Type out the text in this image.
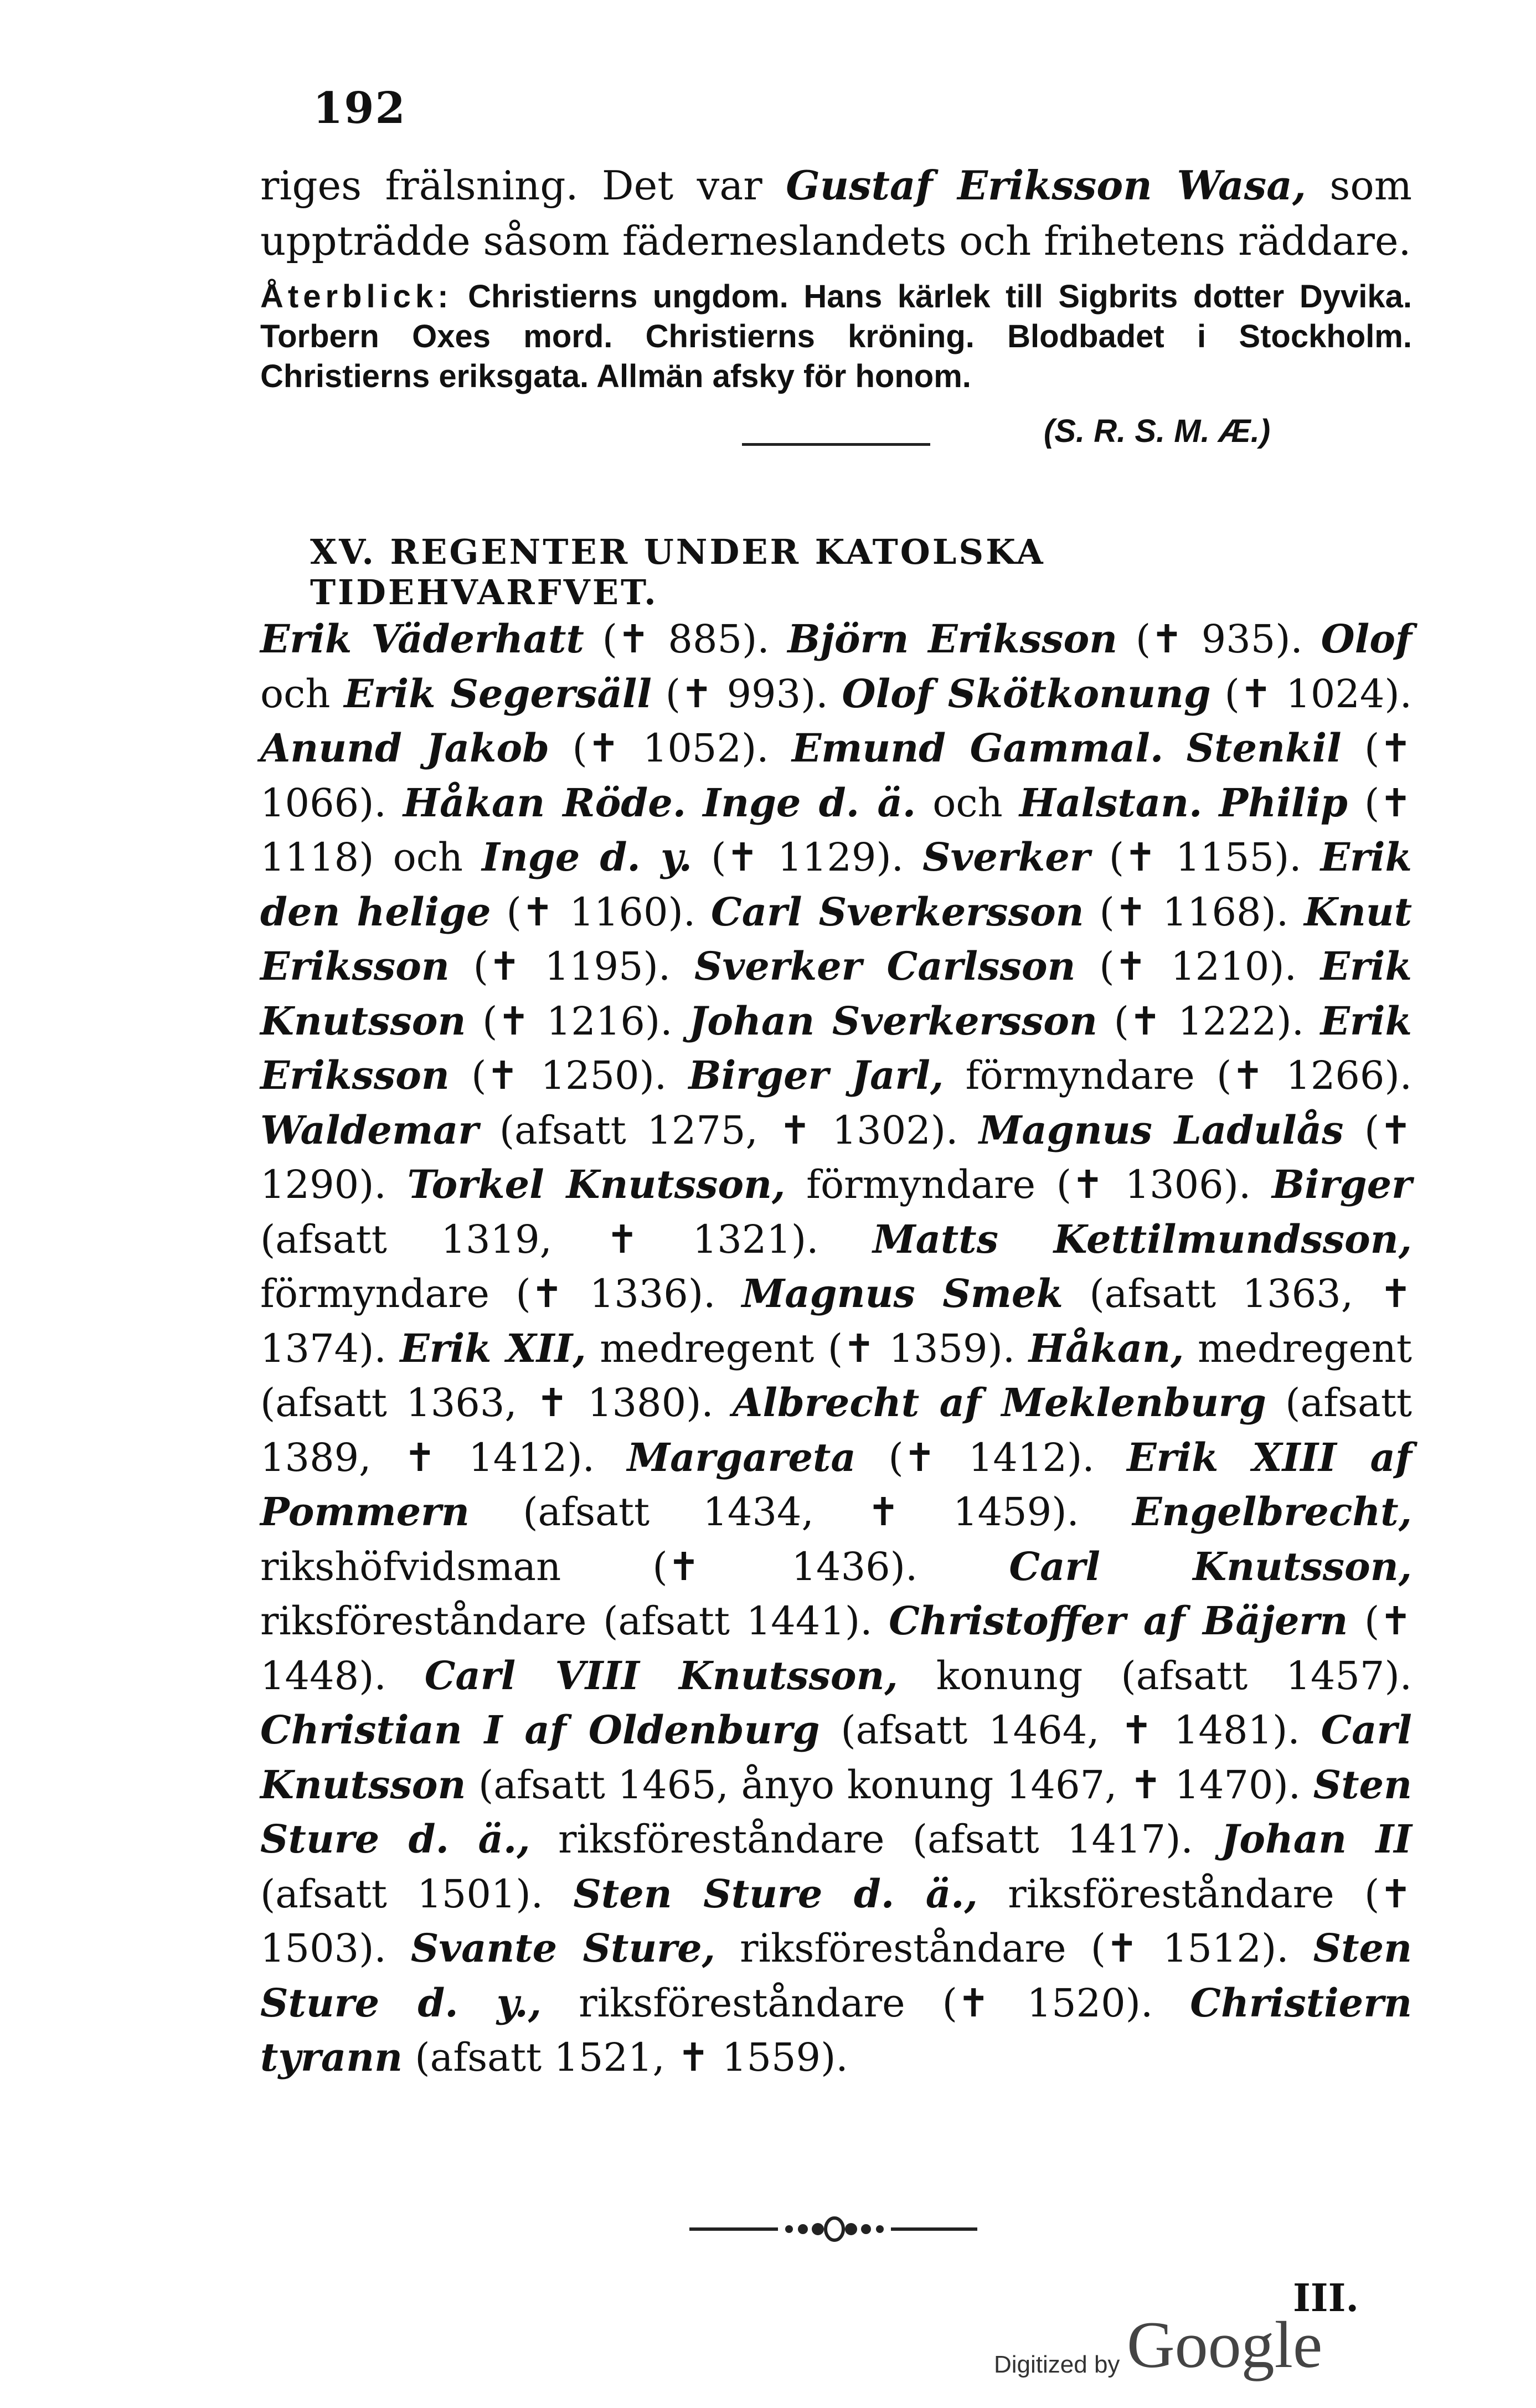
192

riges frälsning. Det var Gustaf Eriksson Wasa, som uppträdde såsom fäderneslandets och frihetens räddare.

Återblick: Christierns ungdom. Hans kärlek till Sigbrits dotter Dyvika. Torbern Oxes mord. Christierns kröning. Blodbadet i Stockholm. Christierns eriksgata. Allmän afsky för honom.

(S. R. S. M. Æ.)
XV. REGENTER UNDER KATOLSKA TIDEHVARFVET.

Erik Väderhatt (✝ 885). Björn Eriksson (✝ 935). Olof och Erik Segersäll (✝ 993). Olof Skötkonung (✝ 1024). Anund Jakob (✝ 1052). Emund Gammal. Stenkil (✝ 1066). Håkan Röde. Inge d. ä. och Halstan. Philip (✝ 1118) och Inge d. y. (✝ 1129). Sverker (✝ 1155). Erik den helige (✝ 1160). Carl Sverkersson (✝ 1168). Knut Eriksson (✝ 1195). Sverker Carlsson (✝ 1210). Erik Knutsson (✝ 1216). Johan Sverkersson (✝ 1222). Erik Eriksson (✝ 1250). Birger Jarl, förmyndare (✝ 1266). Waldemar (afsatt 1275, ✝ 1302). Magnus Ladulås (✝ 1290). Torkel Knutsson, förmyndare (✝ 1306). Birger (afsatt 1319, ✝ 1321). Matts Kettilmundsson, förmyndare (✝ 1336). Magnus Smek (afsatt 1363, ✝ 1374). Erik XII, medregent (✝ 1359). Håkan, medregent (afsatt 1363, ✝ 1380). Albrecht af Meklenburg (afsatt 1389, ✝ 1412). Margareta (✝ 1412). Erik XIII af Pommern (afsatt 1434, ✝ 1459). Engelbrecht, rikshöfvidsman (✝ 1436). Carl Knutsson, riksföreståndare (afsatt 1441). Christoffer af Bäjern (✝ 1448). Carl VIII Knutsson, konung (afsatt 1457). Christian I af Oldenburg (afsatt 1464, ✝ 1481). Carl Knutsson (afsatt 1465, ånyo konung 1467, ✝ 1470). Sten Sture d. ä., riksföreståndare (afsatt 1417). Johan II (afsatt 1501). Sten Sture d. ä., riksföreståndare (✝ 1503). Svante Sture, riksföreståndare (✝ 1512). Sten Sture d. y., riksföreståndare (✝ 1520). Christiern tyrann (afsatt 1521, ✝ 1559).

III.
Digitized by Google
